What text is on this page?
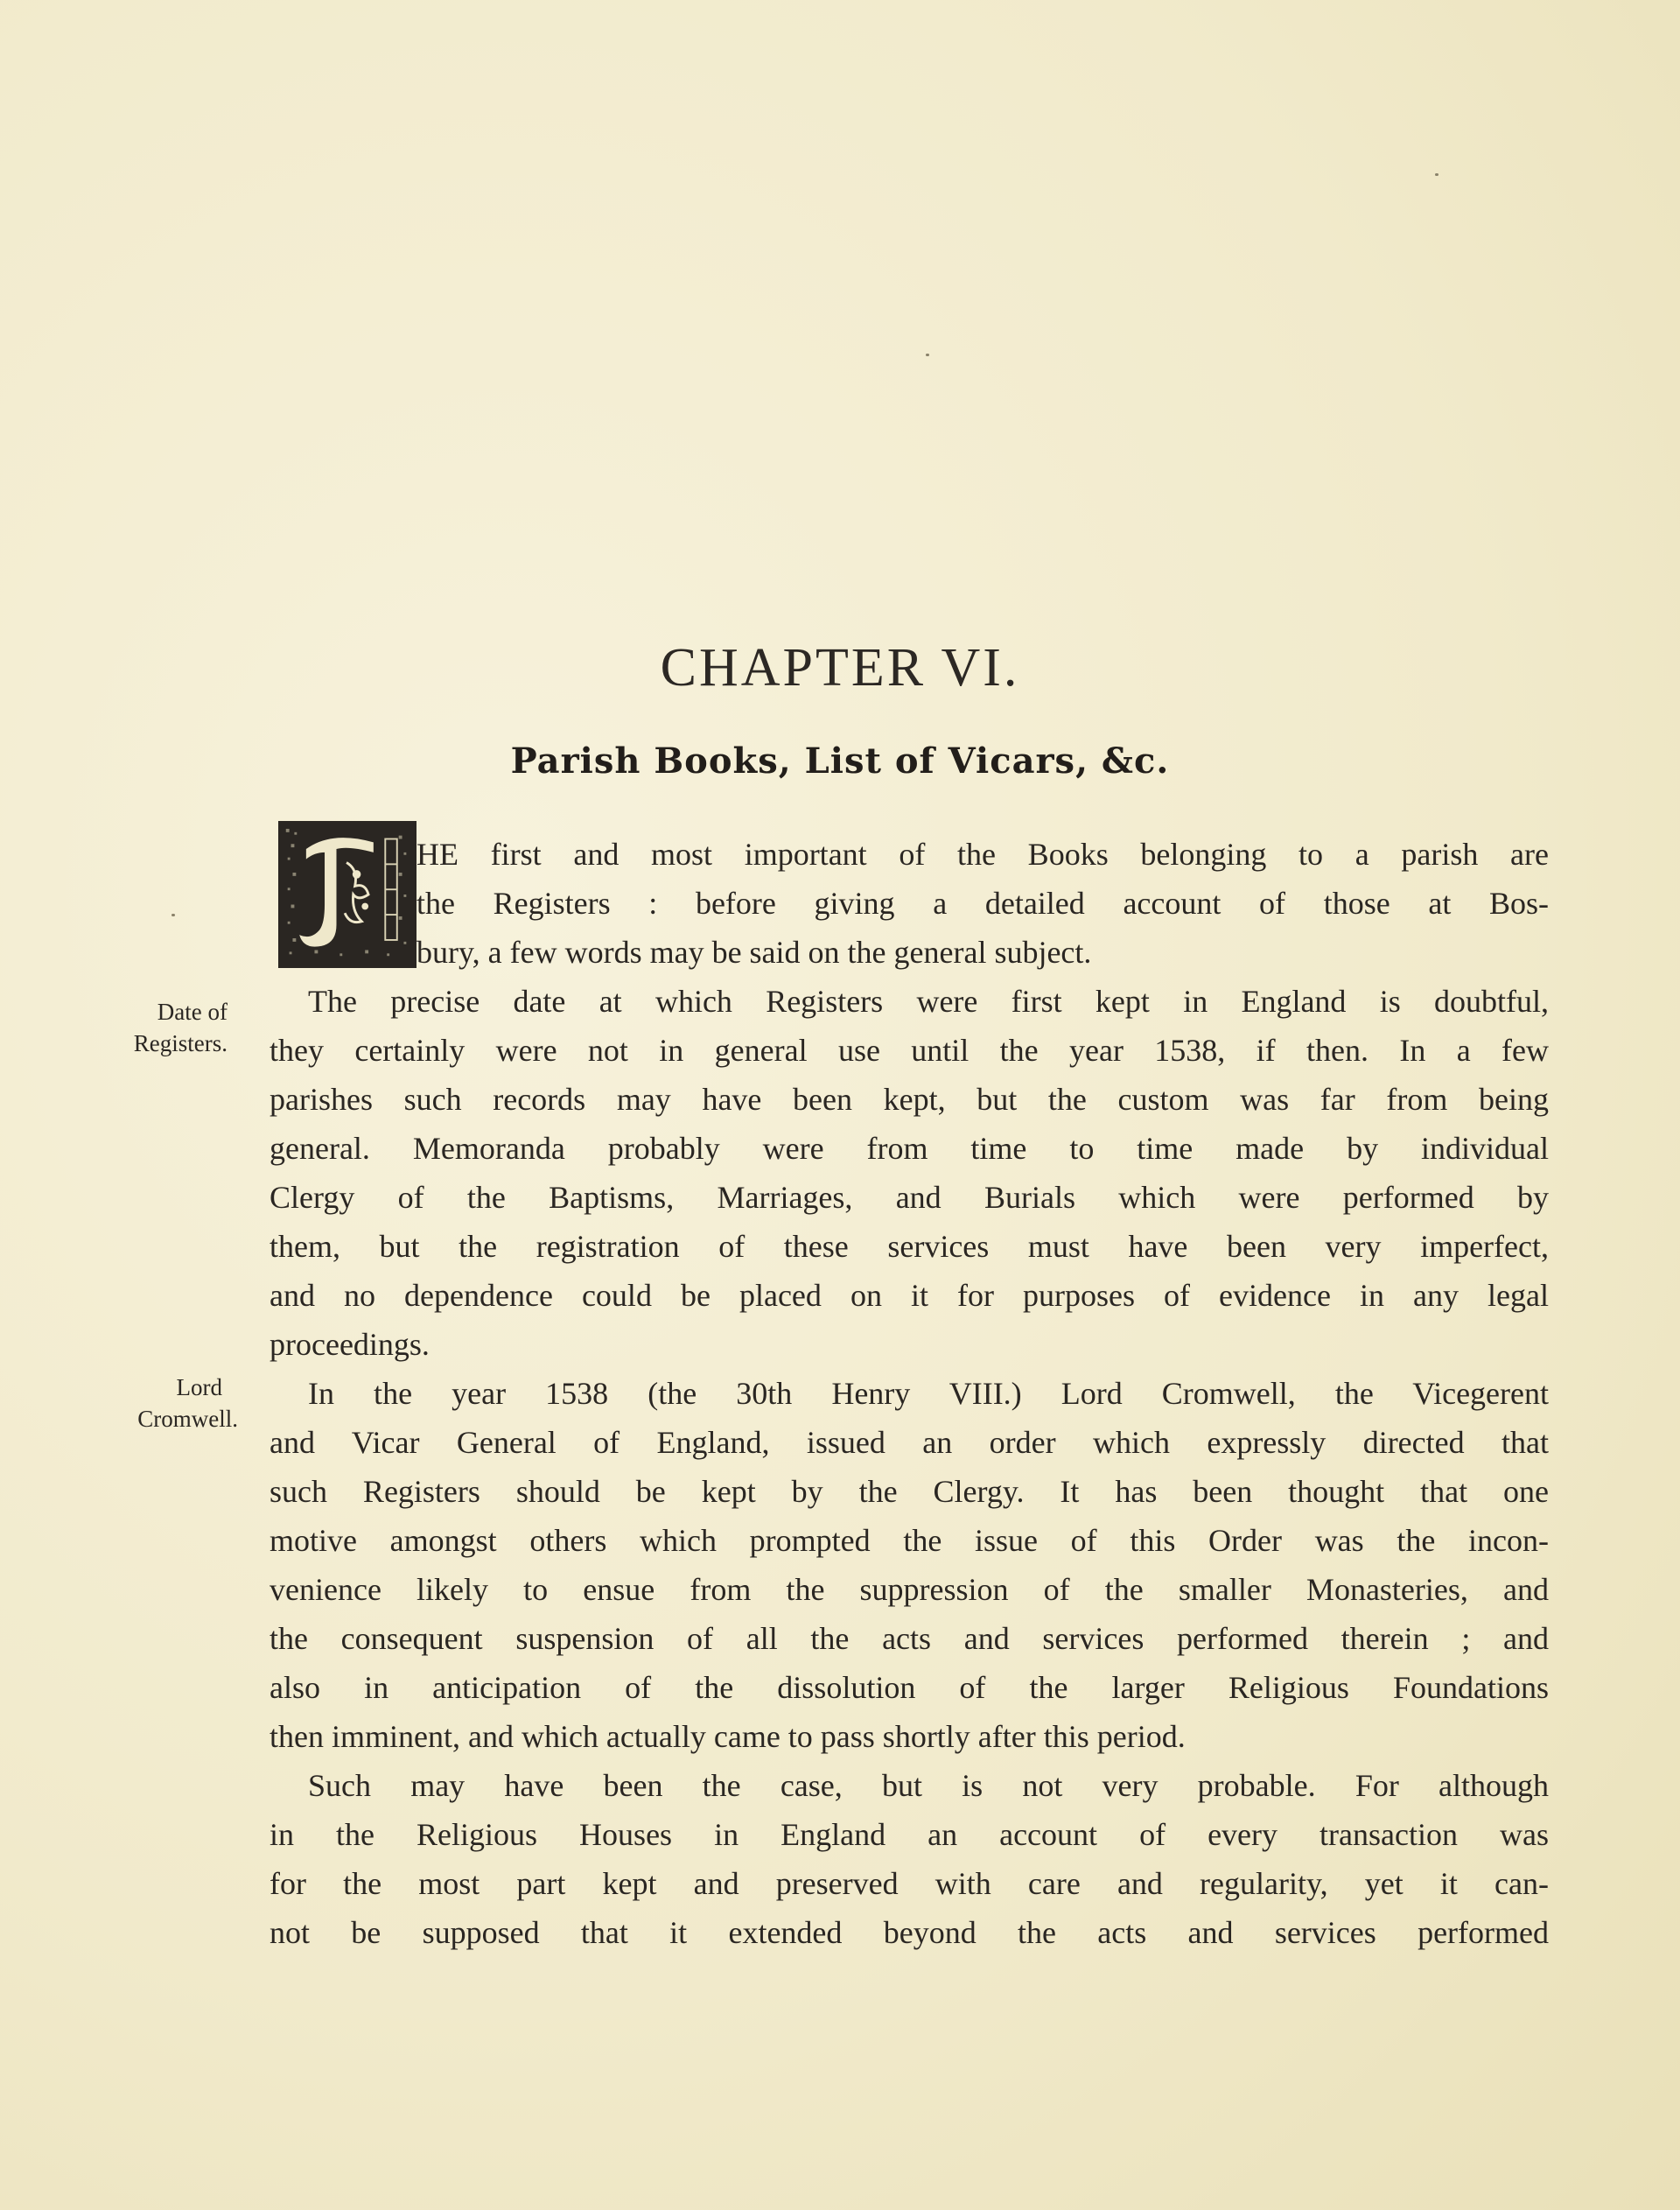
CHAPTER VI.
Parish Books, List of Vicars, &c.
HE first and most important of the Books belonging to a parish are
the Registers : before giving a detailed account of those at Bos-
bury, a few words may be said on the general subject.
The precise date at which Registers were first kept in England is doubtful,
they certainly were not in general use until the year 1538, if then. In a few
parishes such records may have been kept, but the custom was far from being
general. Memoranda probably were from time to time made by individual
Clergy of the Baptisms, Marriages, and Burials which were performed by
them, but the registration of these services must have been very imperfect,
and no dependence could be placed on it for purposes of evidence in any legal
proceedings.
In the year 1538 (the 30th Henry VIII.) Lord Cromwell, the Vicegerent
and Vicar General of England, issued an order which expressly directed that
such Registers should be kept by the Clergy. It has been thought that one
motive amongst others which prompted the issue of this Order was the incon-
venience likely to ensue from the suppression of the smaller Monasteries, and
the consequent suspension of all the acts and services performed therein ; and
also in anticipation of the dissolution of the larger Religious Foundations
then imminent, and which actually came to pass shortly after this period.
Such may have been the case, but is not very probable. For although
in the Religious Houses in England an account of every transaction was
for the most part kept and preserved with care and regularity, yet it can-
not be supposed that it extended beyond the acts and services performed
Date of
Registers.
Lord
Cromwell.
